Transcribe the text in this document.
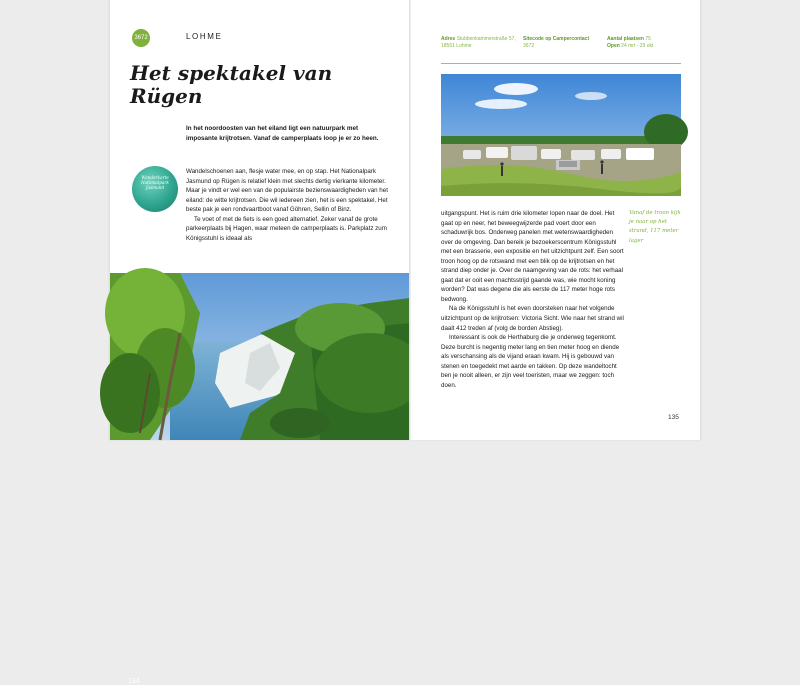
3672	LOHME
Het spektakel van Rügen
In het noordoosten van het eiland ligt een natuurpark met imposante krijtrotsen. Vanaf de camperplaats loop je er zo heen.
Wanderkarte Nationalpark Jasmund

Wandelschoenen aan, flesje water mee, en op stap. Het Nationalpark Jasmund op Rügen is relatief klein met slechts dertig vierkante kilometer. Maar je vindt er wel een van de populairste bezienswaardigheden van het eiland: de witte krijtrotsen. Die wil iedereen zien, het is een spektakel. Het beste pak je een rondvaartboot vanaf Göhren, Sellin of Binz.

Te voet of met de fiets is een goed alternatief. Zeker vanaf de grote parkeerplaats bij Hagen, waar meteen de camperplaats is. Parkplatz zum Königsstuhl is ideaal als

134
Adres Stubbenkammerstraße 57, 18551 Lohme
Sitecode op Campercontact
3672
Aantal plaatsen 75
Open 24 mrt - 29 okt

uitgangspunt. Het is ruim drie kilometer lopen naar de doel. Het gaat op en neer, het beweegwijzerde pad voert door een schaduwrijk bos. Onderweg panelen met wetenswaardigheden over de omgeving. Dan bereik je bezoekerscentrum Königsstuhl met een brasserie, een expositie en het uitzichtpunt zelf. Een soort troon hoog op de rotswand met een blik op de krijtrotsen en het strand diep onder je. Over de naamgeving van de rots: het verhaal gaat dat er ooit een machtsstrijd gaande was, wie mocht koning worden? Dat was degene die als eerste de 117 meter hoge rots bedwong.

Na de Königsstuhl is het even doorsteken naar het volgende uitzichtpunt op de krijtrotsen: Victoria Sicht. Wie naar het strand wil daalt 412 treden af (volg de borden Abstieg).

Interessant is ook de Herthaburg die je onderweg tegenkomt. Deze burcht is negentig meter lang en tien meter hoog en diende als verschansing als de vijand eraan kwam. Hij is gebouwd van stenen en toegedekt met aarde en takken. Op deze wandeltocht ben je nooit alleen, er zijn veel toeristen, maar we zeggen: toch doen.

Vanaf de troon kijk je naar op het strand, 117 meter lager
135
